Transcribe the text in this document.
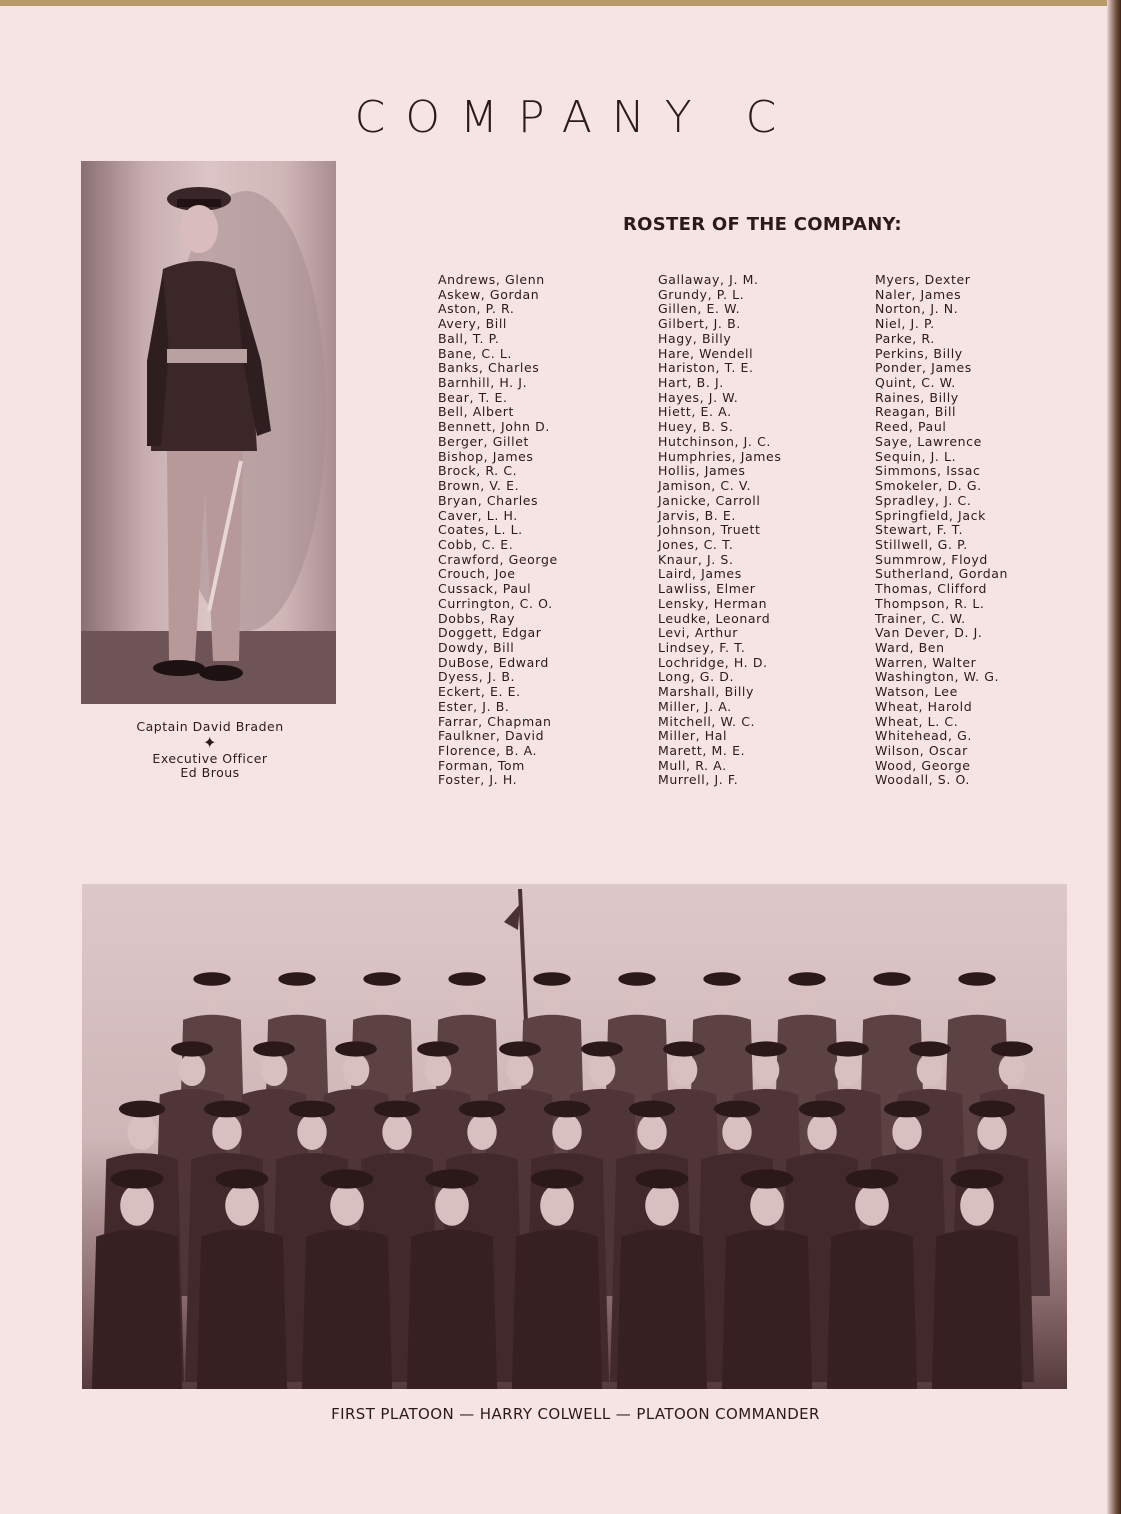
COMPANY C
Captain David Braden
✦
Executive Officer
Ed Brous
ROSTER OF THE COMPANY:
Andrews, Glenn
Askew, Gordan
Aston, P. R.
Avery, Bill
Ball, T. P.
Bane, C. L.
Banks, Charles
Barnhill, H. J.
Bear, T. E.
Bell, Albert
Bennett, John D.
Berger, Gillet
Bishop, James
Brock, R. C.
Brown, V. E.
Bryan, Charles
Caver, L. H.
Coates, L. L.
Cobb, C. E.
Crawford, George
Crouch, Joe
Cussack, Paul
Currington, C. O.
Dobbs, Ray
Doggett, Edgar
Dowdy, Bill
DuBose, Edward
Dyess, J. B.
Eckert, E. E.
Ester, J. B.
Farrar, Chapman
Faulkner, David
Florence, B. A.
Forman, Tom
Foster, J. H.
Gallaway, J. M.
Grundy, P. L.
Gillen, E. W.
Gilbert, J. B.
Hagy, Billy
Hare, Wendell
Hariston, T. E.
Hart, B. J.
Hayes, J. W.
Hiett, E. A.
Huey, B. S.
Hutchinson, J. C.
Humphries, James
Hollis, James
Jamison, C. V.
Janicke, Carroll
Jarvis, B. E.
Johnson, Truett
Jones, C. T.
Knaur, J. S.
Laird, James
Lawliss, Elmer
Lensky, Herman
Leudke, Leonard
Levi, Arthur
Lindsey, F. T.
Lochridge, H. D.
Long, G. D.
Marshall, Billy
Miller, J. A.
Mitchell, W. C.
Miller, Hal
Marett, M. E.
Mull, R. A.
Murrell, J. F.
Myers, Dexter
Naler, James
Norton, J. N.
Niel, J. P.
Parke, R.
Perkins, Billy
Ponder, James
Quint, C. W.
Raines, Billy
Reagan, Bill
Reed, Paul
Saye, Lawrence
Sequin, J. L.
Simmons, Issac
Smokeler, D. G.
Spradley, J. C.
Springfield, Jack
Stewart, F. T.
Stillwell, G. P.
Summrow, Floyd
Sutherland, Gordan
Thomas, Clifford
Thompson, R. L.
Trainer, C. W.
Van Dever, D. J.
Ward, Ben
Warren, Walter
Washington, W. G.
Watson, Lee
Wheat, Harold
Wheat, L. C.
Whitehead, G.
Wilson, Oscar
Wood, George
Woodall, S. O.
FIRST PLATOON — HARRY COLWELL — PLATOON COMMANDER
